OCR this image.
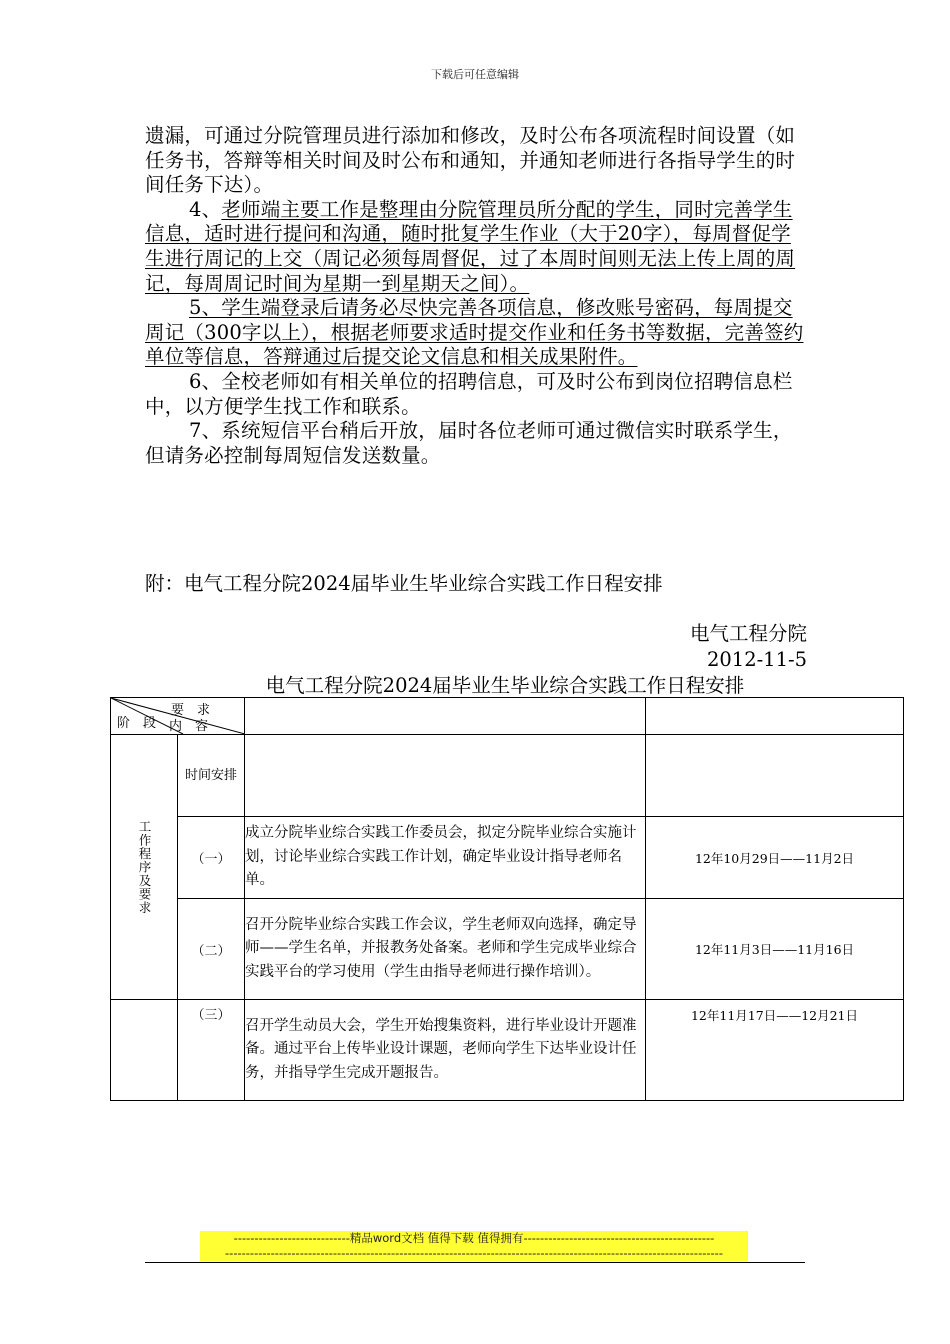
下载后可任意编辑

遗漏，可通过分院管理员进行添加和修改，及时公布各项流程时间设置（如任务书，答辩等相关时间及时公布和通知，并通知老师进行各指导学生的时间任务下达）。

4、老师端主要工作是整理由分院管理员所分配的学生，同时完善学生信息，适时进行提问和沟通，随时批复学生作业（大于20字），每周督促学生进行周记的上交（周记必须每周督促，过了本周时间则无法上传上周的周记，每周周记时间为星期一到星期天之间）。

5、学生端登录后请务必尽快完善各项信息，修改账号密码，每周提交周记（300字以上），根据老师要求适时提交作业和任务书等数据，完善签约单位等信息，答辩通过后提交论文信息和相关成果附件。

6、全校老师如有相关单位的招聘信息，可及时公布到岗位招聘信息栏中，以方便学生找工作和联系。

7、系统短信平台稍后开放，届时各位老师可通过微信实时联系学生，但请务必控制每周短信发送数量。

附：电气工程分院2024届毕业生毕业综合实践工作日程安排
电气工程分院
2012-11-5
电气工程分院2024届毕业生毕业综合实践工作日程安排
要　求
内　容
阶　段			

工作程序及要求	时间安排		
	（一）	成立分院毕业综合实践工作委员会，拟定分院毕业综合实施计划，讨论毕业综合实践工作计划，确定毕业设计指导老师名单。	12年10月29日——11月2日
	（二）	召开分院毕业综合实践工作会议，学生老师双向选择，确定导师——学生名单，并报教务处备案。老师和学生完成毕业综合实践平台的学习使用（学生由指导老师进行操作培训）。	12年11月3日——11月16日
	（三）	召开学生动员大会，学生开始搜集资料，进行毕业设计开题准备。通过平台上传毕业设计课题，老师向学生下达毕业设计任务，并指导学生完成开题报告。	12年11月17日——12月21日
----------------------------精品word文档 值得下载 值得拥有----------------------------------------------
------------------------------------------------------------------------------------------------------------------------
